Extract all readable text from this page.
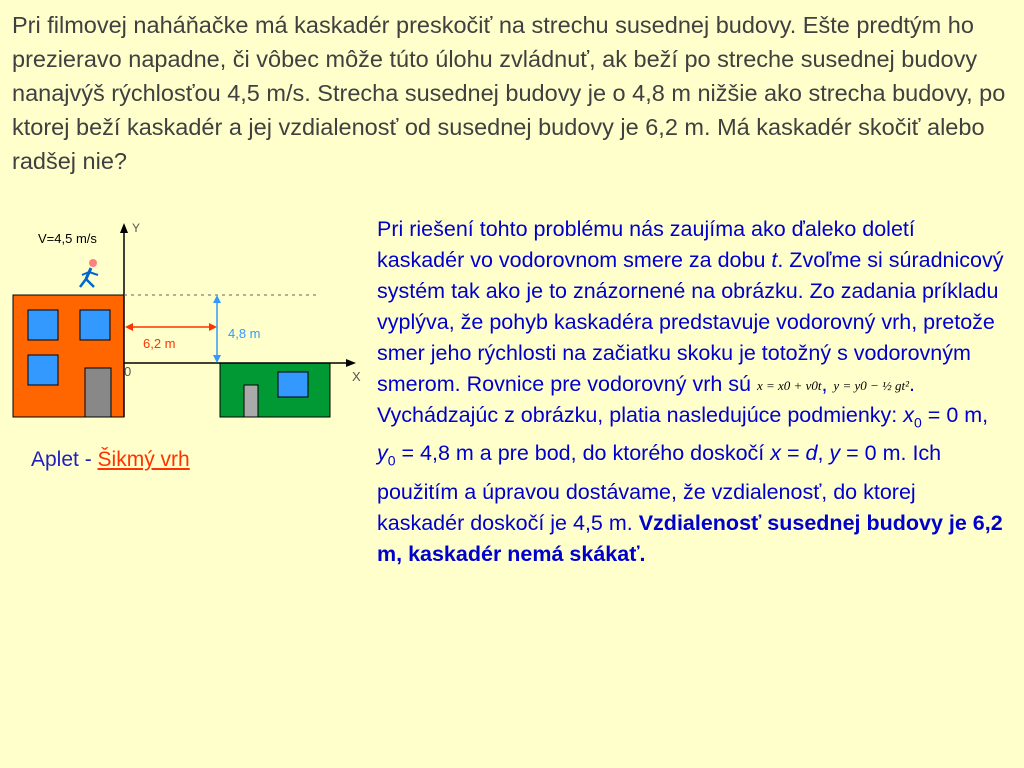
Pri filmovej naháňačke má kaskadér preskočiť na strechu susednej budovy. Ešte predtým ho prezieravo napadne, či vôbec môže túto úlohu zvládnuť, ak beží po streche susednej budovy nanajvýš rýchlosťou 4,5 m/s. Strecha susednej budovy je o 4,8 m nižšie ako strecha budovy, po ktorej beží kaskadér a jej vzdialenosť od susednej budovy je 6,2 m. Má kaskadér skočiť alebo radšej nie?

Y
X
0
6,2 m
4,8 m
V=4,5 m/s
Aplet - Šikmý vrh

Pri riešení tohto problému nás zaujíma ako ďaleko doletí kaskadér vo vodorovnom smere za dobu t. Zvoľme si súradnicový systém tak ako je to znázornené na obrázku. Zo zadania príkladu vyplýva, že pohyb kaskadéra predstavuje vodorovný vrh, pretože smer jeho rýchlosti na začiatku skoku je totožný s vodorovným smerom. Rovnice pre vodorovný vrh sú x = x0 + v0t, y = y0 − ½ gt². Vychádzajúc z obrázku, platia nasledujúce podmienky: $x_0 = 0$ m, $y_0 = 4,8$ m a pre bod, do ktorého doskočí x = d, y = 0 m. Ich použitím a úpravou dostávame, že vzdialenosť, do ktorej kaskadér doskočí je 4,5 m. Vzdialenosť susednej budovy je 6,2 m, kaskadér nemá skákať.
